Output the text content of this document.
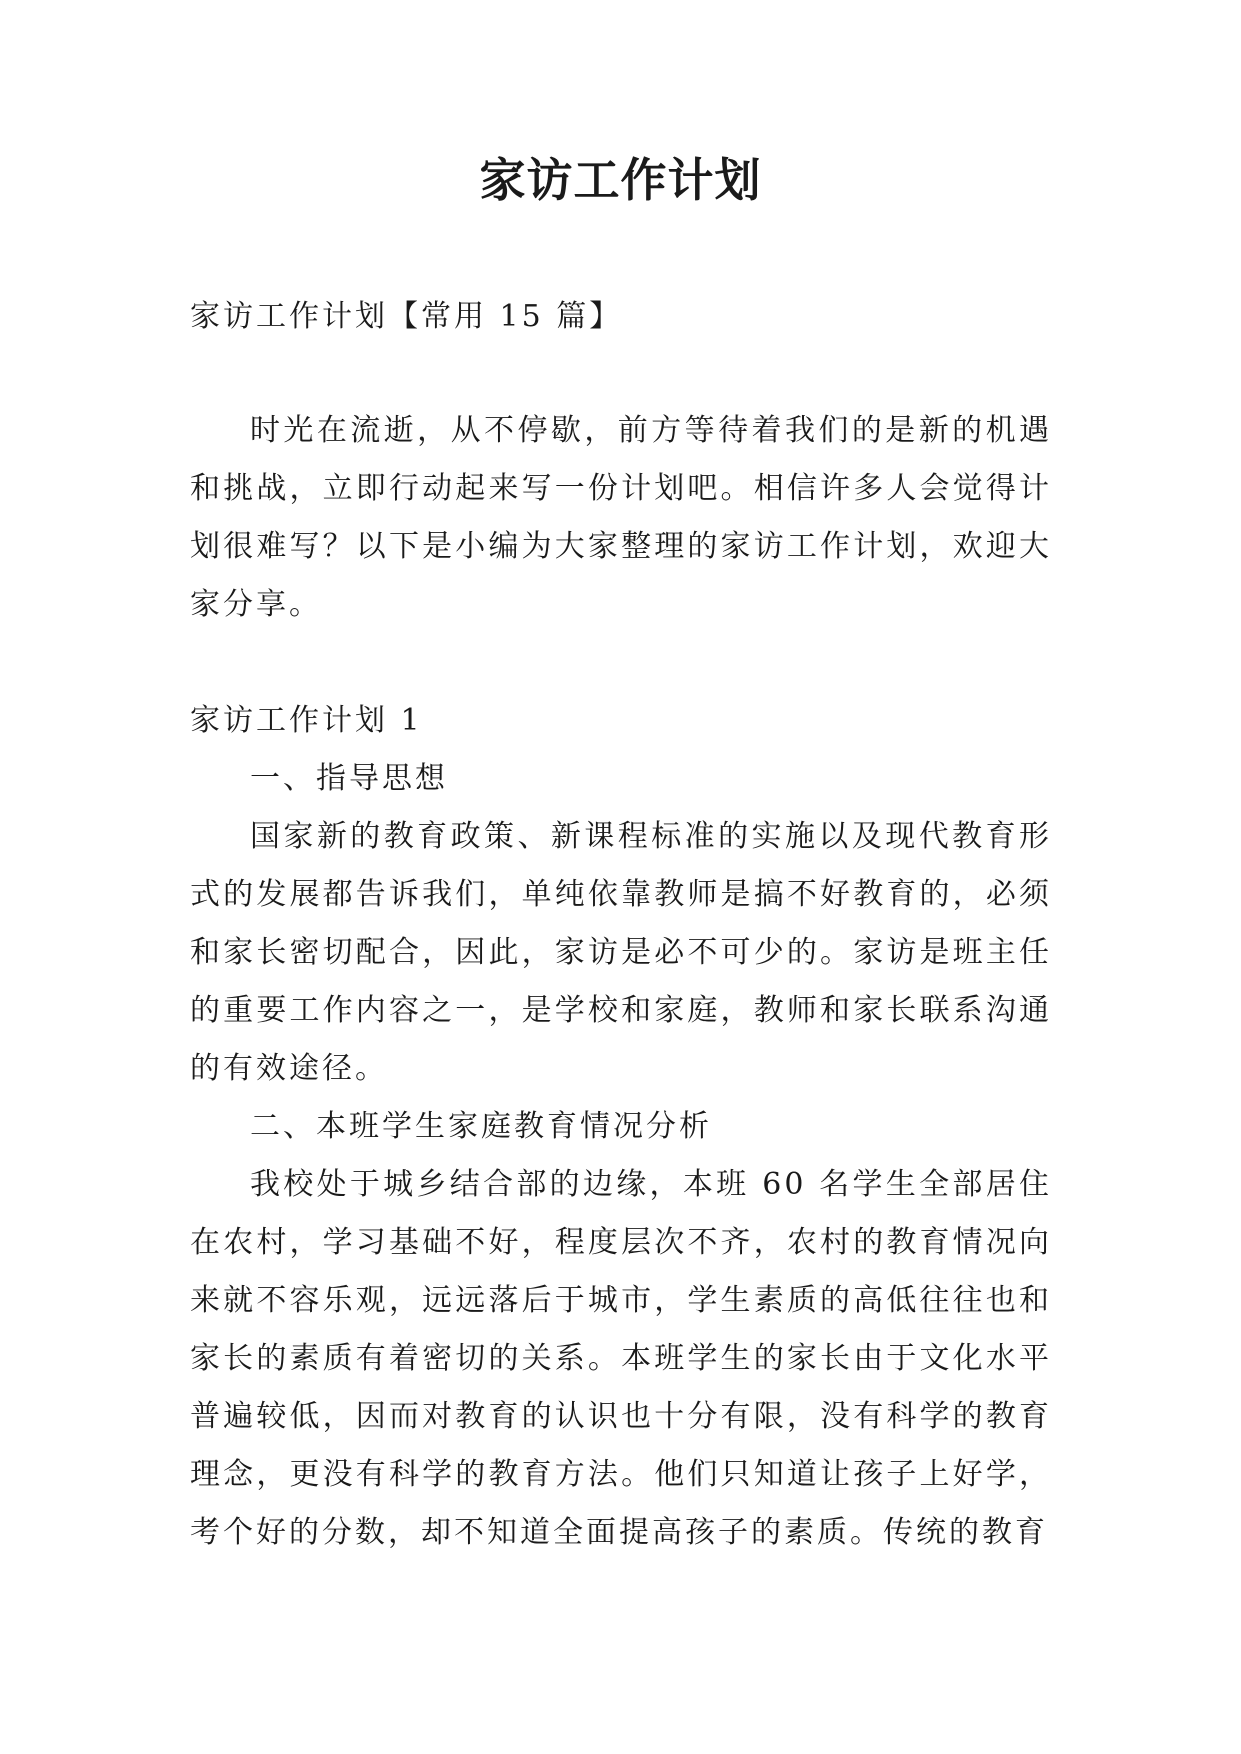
家访工作计划

家访工作计划【常用 15 篇】

时光在流逝，从不停歇，前方等待着我们的是新的机遇和挑战，立即行动起来写一份计划吧。相信许多人会觉得计划很难写？以下是小编为大家整理的家访工作计划，欢迎大家分享。

家访工作计划 1

一、指导思想

国家新的教育政策、新课程标准的实施以及现代教育形式的发展都告诉我们，单纯依靠教师是搞不好教育的，必须和家长密切配合，因此，家访是必不可少的。家访是班主任的重要工作内容之一，是学校和家庭，教师和家长联系沟通的有效途径。

二、本班学生家庭教育情况分析

我校处于城乡结合部的边缘，本班 60 名学生全部居住在农村，学习基础不好，程度层次不齐，农村的教育情况向来就不容乐观，远远落后于城市，学生素质的高低往往也和家长的素质有着密切的关系。本班学生的家长由于文化水平普遍较低，因而对教育的认识也十分有限，没有科学的教育理念，更没有科学的教育方法。他们只知道让孩子上好学，考个好的分数，却不知道全面提高孩子的素质。传统的教育
